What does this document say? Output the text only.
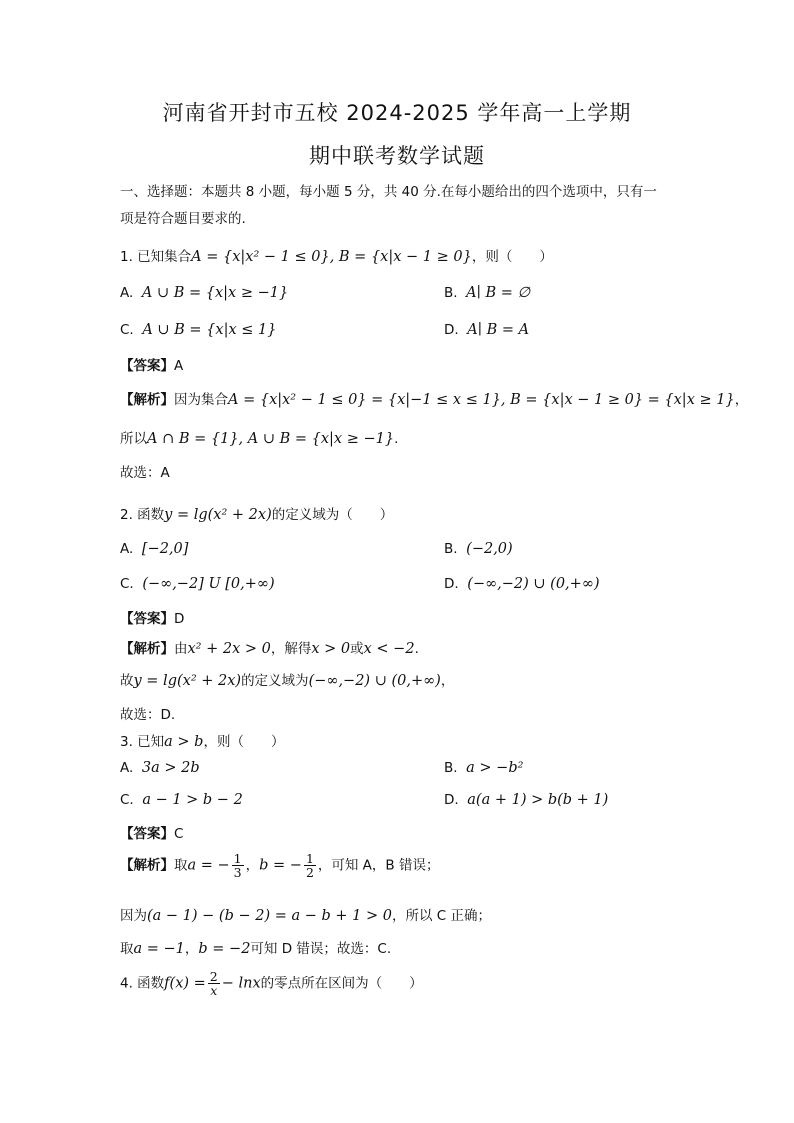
河南省开封市五校 2024-2025 学年高一上学期
期中联考数学试题
一、选择题：本题共 8 小题，每小题 5 分，共 40 分.在每小题给出的四个选项中，只有一
项是符合题目要求的.
1. 已知集合A = {x|x² − 1 ≤ 0}, B = {x|x − 1 ≥ 0}，则（　　）
A. A ∪ B = {x|x ≥ −1}	B. A∣ B = ∅
C. A ∪ B = {x|x ≤ 1}	D. A∣ B = A
【答案】A
【解析】因为集合A = {x|x² − 1 ≤ 0} = {x|−1 ≤ x ≤ 1}, B = {x|x − 1 ≥ 0} = {x|x ≥ 1}，
所以A ∩ B = {1}, A ∪ B = {x|x ≥ −1}.
故选：A
2. 函数y = lg(x² + 2x)的定义域为（　　）
A. [−2,0]	B. (−2,0)
C. (−∞,−2] U [0,+∞)	D. (−∞,−2) ∪ (0,+∞)
【答案】D
【解析】由x² + 2x > 0，解得x > 0或x < −2.
故y = lg(x² + 2x)的定义域为(−∞,−2) ∪ (0,+∞)，
故选：D.
3. 已知a > b，则（　　）
A. 3a > 2b	B. a > −b²
C. a − 1 > b − 2	D. a(a + 1) > b(b + 1)
【答案】C
【解析】取a = − $\frac{1}{3}$ ，b = − $\frac{1}{2}$ ，可知 A，B 错误；
因为(a − 1) − (b − 2) = a − b + 1 > 0，所以 C 正确；
取a = −1，b = −2可知 D 错误；故选：C.
4. 函数$f(x) = \frac{2}{x} - \ln x$的零点所在区间为（　　）
